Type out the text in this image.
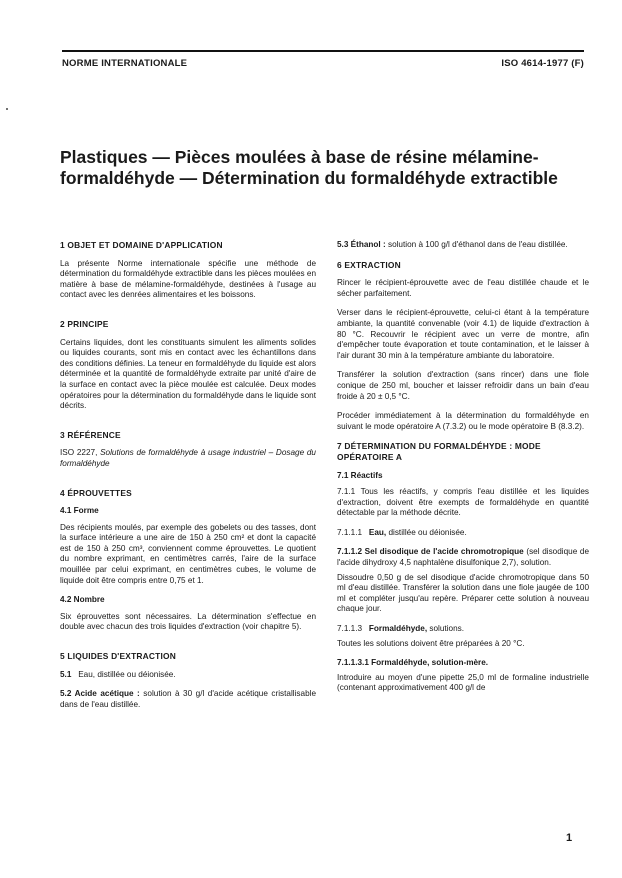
NORME INTERNATIONALE	ISO 4614-1977 (F)
Plastiques — Pièces moulées à base de résine mélamine-formaldéhyde — Détermination du formaldéhyde extractible
1 OBJET ET DOMAINE D'APPLICATION

La présente Norme internationale spécifie une méthode de détermination du formaldéhyde extractible dans les pièces moulées en matière à base de mélamine-formaldéhyde, destinées à l'usage au contact avec les denrées alimentaires et les boissons.

2 PRINCIPE

Certains liquides, dont les constituants simulent les aliments solides ou liquides courants, sont mis en contact avec les échantillons dans des conditions définies. La teneur en formaldéhyde du liquide est alors déterminée et la quantité de formaldéhyde extraite par unité d'aire de la surface en contact avec la pièce moulée est calculée. Deux modes opératoires pour la détermination du formaldéhyde dans le liquide sont décrits.

3 RÉFÉRENCE

ISO 2227, Solutions de formaldéhyde à usage industriel – Dosage du formaldéhyde

4 ÉPROUVETTES
4.1 Forme

Des récipients moulés, par exemple des gobelets ou des tasses, dont la surface intérieure a une aire de 150 à 250 cm² et dont la capacité est de 150 à 250 cm³, conviennent comme éprouvettes. Le quotient du nombre exprimant, en centimètres carrés, l'aire de la surface mouillée par celui exprimant, en centimètres cubes, le volume de liquide doit être compris entre 0,75 et 1.

4.2 Nombre

Six éprouvettes sont nécessaires. La détermination s'effectue en double avec chacun des trois liquides d'extraction (voir chapitre 5).

5 LIQUIDES D'EXTRACTION

5.1 Eau, distillée ou déionisée.

5.2 Acide acétique : solution à 30 g/l d'acide acétique cristallisable dans de l'eau distillée.

5.3 Éthanol : solution à 100 g/l d'éthanol dans de l'eau distillée.

6 EXTRACTION

Rincer le récipient-éprouvette avec de l'eau distillée chaude et le sécher parfaitement.

Verser dans le récipient-éprouvette, celui-ci étant à la température ambiante, la quantité convenable (voir 4.1) de liquide d'extraction à 80 °C. Recouvrir le récipient avec un verre de montre, afin d'empêcher toute évaporation et toute contamination, et le laisser à l'air durant 30 min à la température ambiante du laboratoire.

Transférer la solution d'extraction (sans rincer) dans une fiole conique de 250 ml, boucher et laisser refroidir dans un bain d'eau froide à 20 ± 0,5 °C.

Procéder immédiatement à la détermination du formaldéhyde en suivant le mode opératoire A (7.3.2) ou le mode opératoire B (8.3.2).

7 DÉTERMINATION DU FORMALDÉHYDE : MODE OPÉRATOIRE A
7.1 Réactifs

7.1.1 Tous les réactifs, y compris l'eau distillée et les liquides d'extraction, doivent être exempts de formaldéhyde en quantité détectable par la méthode décrite.

7.1.1.1 Eau, distillée ou déionisée.

7.1.1.2 Sel disodique de l'acide chromotropique (sel disodique de l'acide dihydroxy 4,5 naphtalène disulfonique 2,7), solution.

Dissoudre 0,50 g de sel disodique d'acide chromotropique dans 50 ml d'eau distillée. Transférer la solution dans une fiole jaugée de 100 ml et compléter jusqu'au repère. Préparer cette solution à nouveau chaque jour.

7.1.1.3 Formaldéhyde, solutions.

Toutes les solutions doivent être préparées à 20 °C.

7.1.1.3.1 Formaldéhyde, solution-mère.

Introduire au moyen d'une pipette 25,0 ml de formaline industrielle (contenant approximativement 400 g/l de

1
